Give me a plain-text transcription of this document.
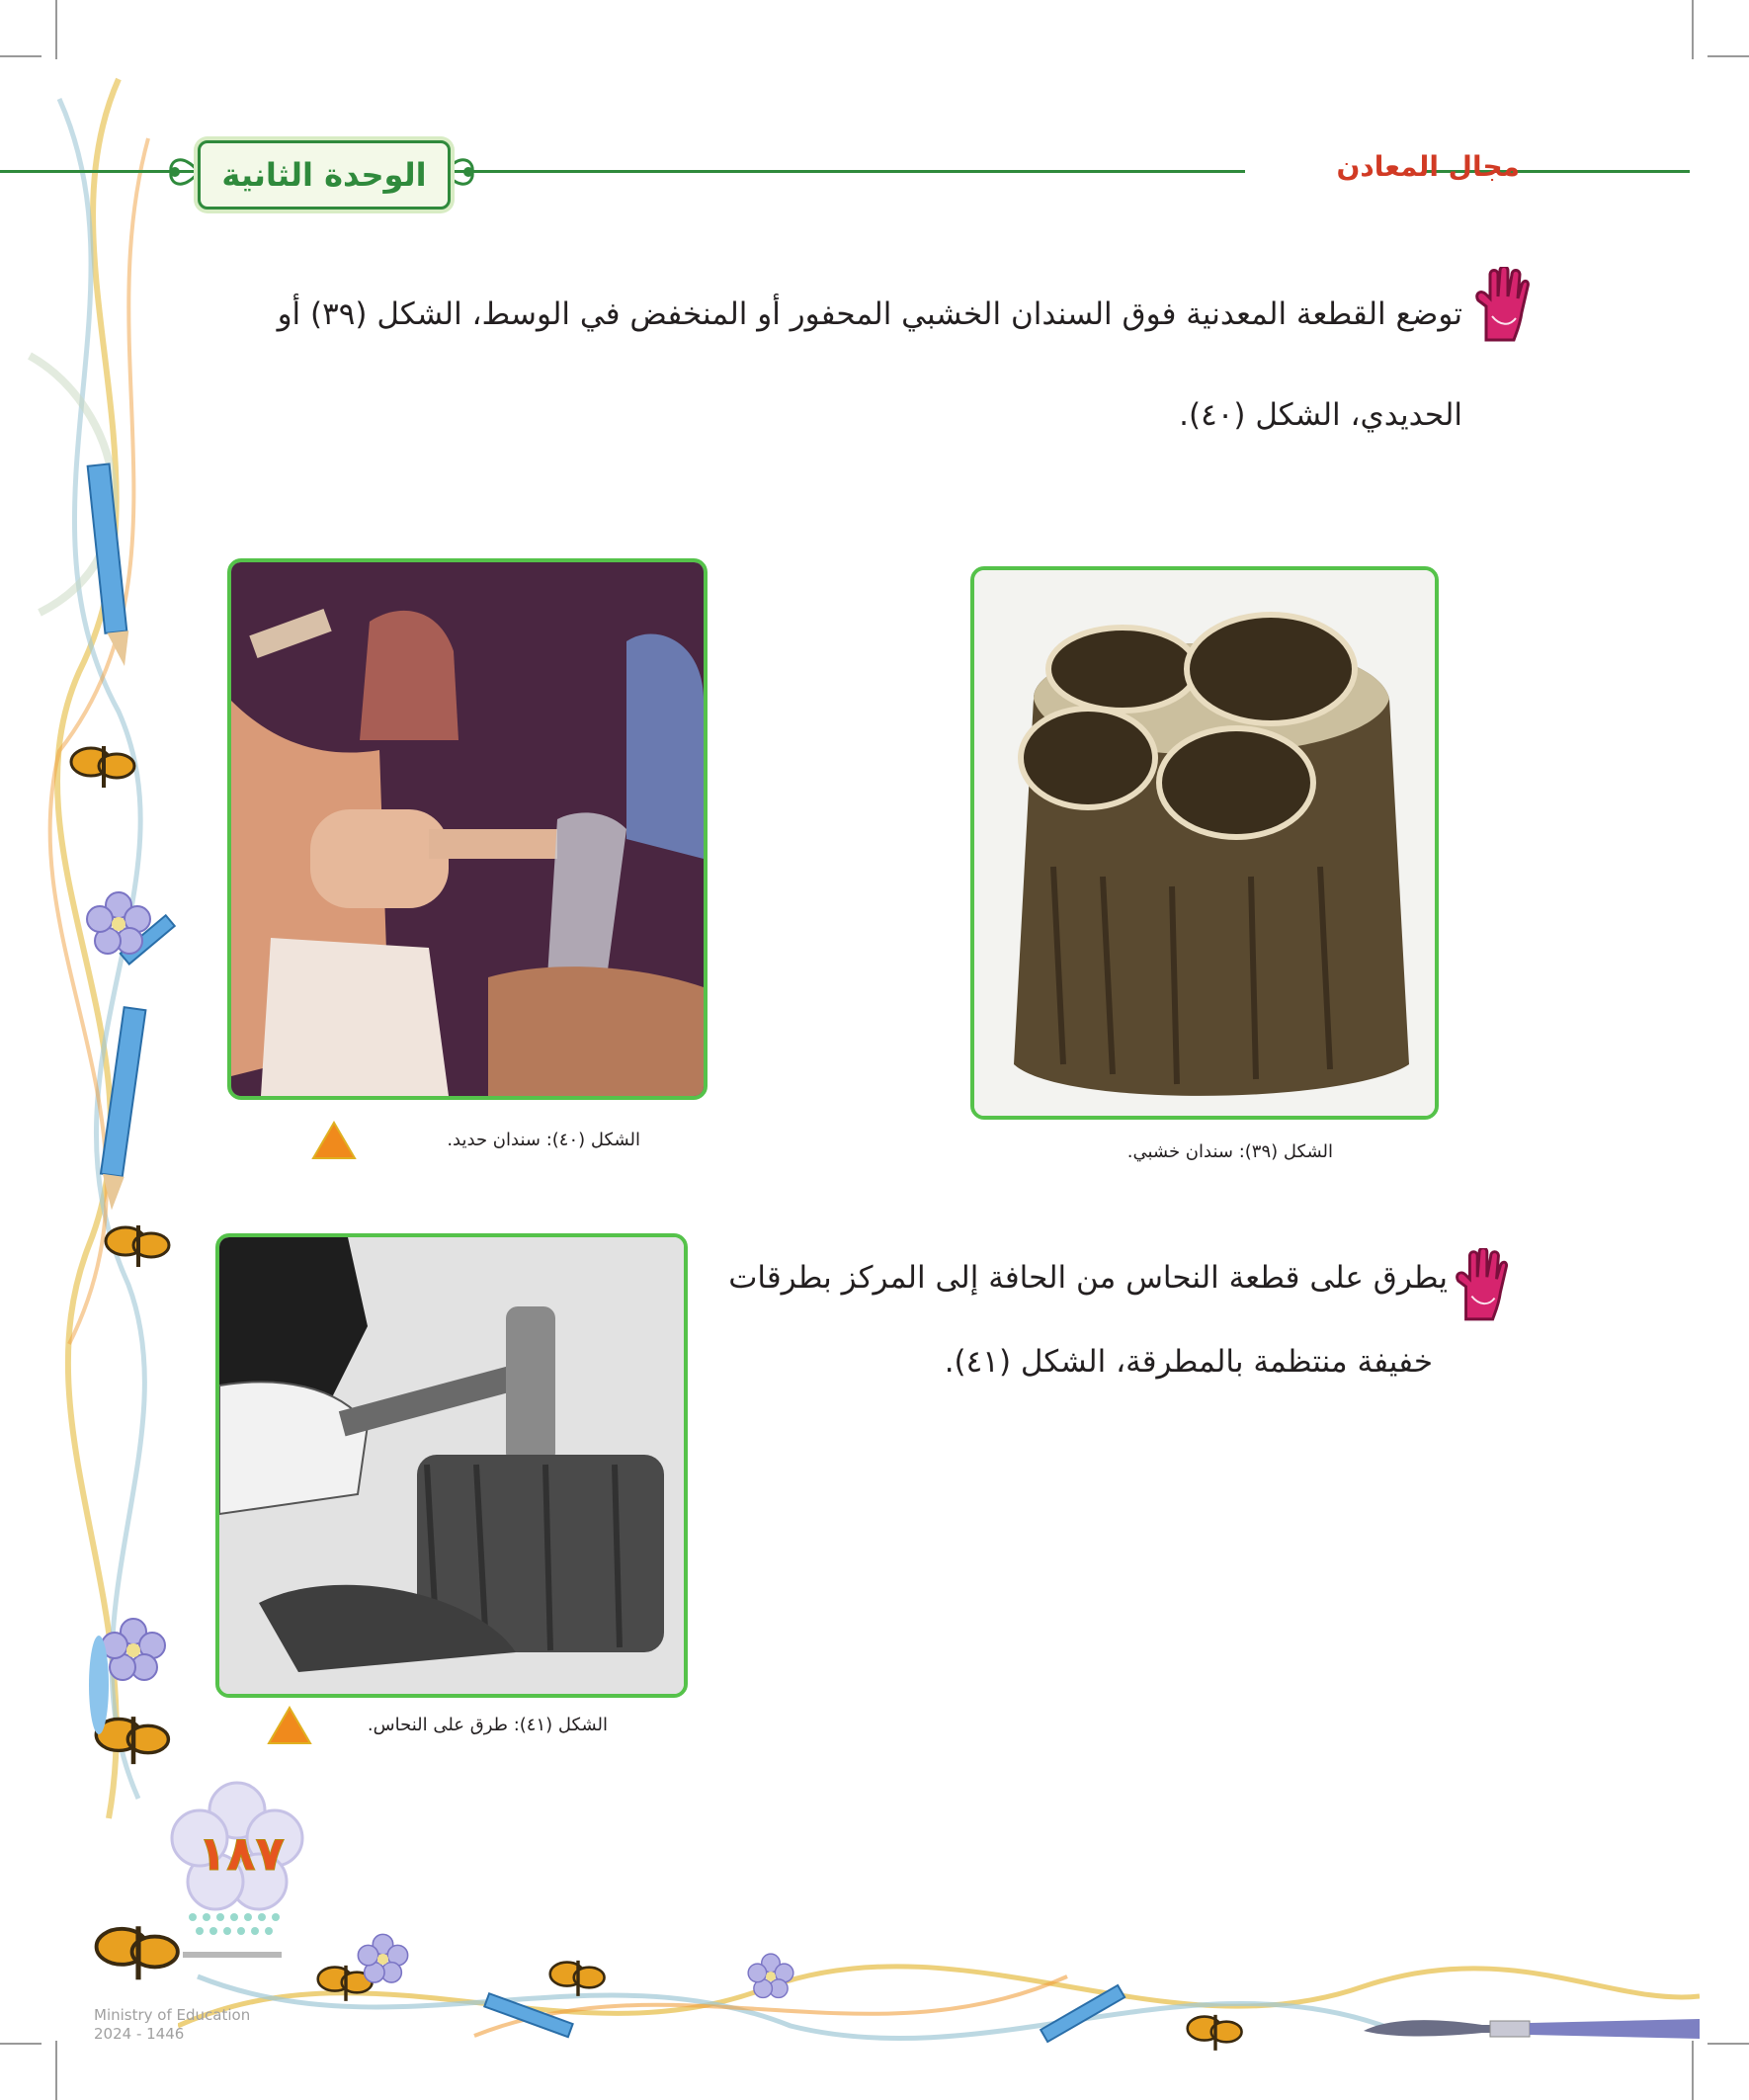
الوحدة الثانية	مجال المعادن
توضع القطعة المعدنية فوق السندان الخشبي المحفور أو المنخفض في الوسط، الشكل (٣٩) أو
الحديدي، الشكل (٤٠).
الشكل (٤٠): سندان حديد.
الشكل (٣٩): سندان خشبي.
يطرق على قطعة النحاس من الحافة إلى المركز بطرقات
خفيفة منتظمة بالمطرقة، الشكل (٤١).
الشكل (٤١): طرق على النحاس.
١٨٧
Ministry of Education
2024 - 1446
